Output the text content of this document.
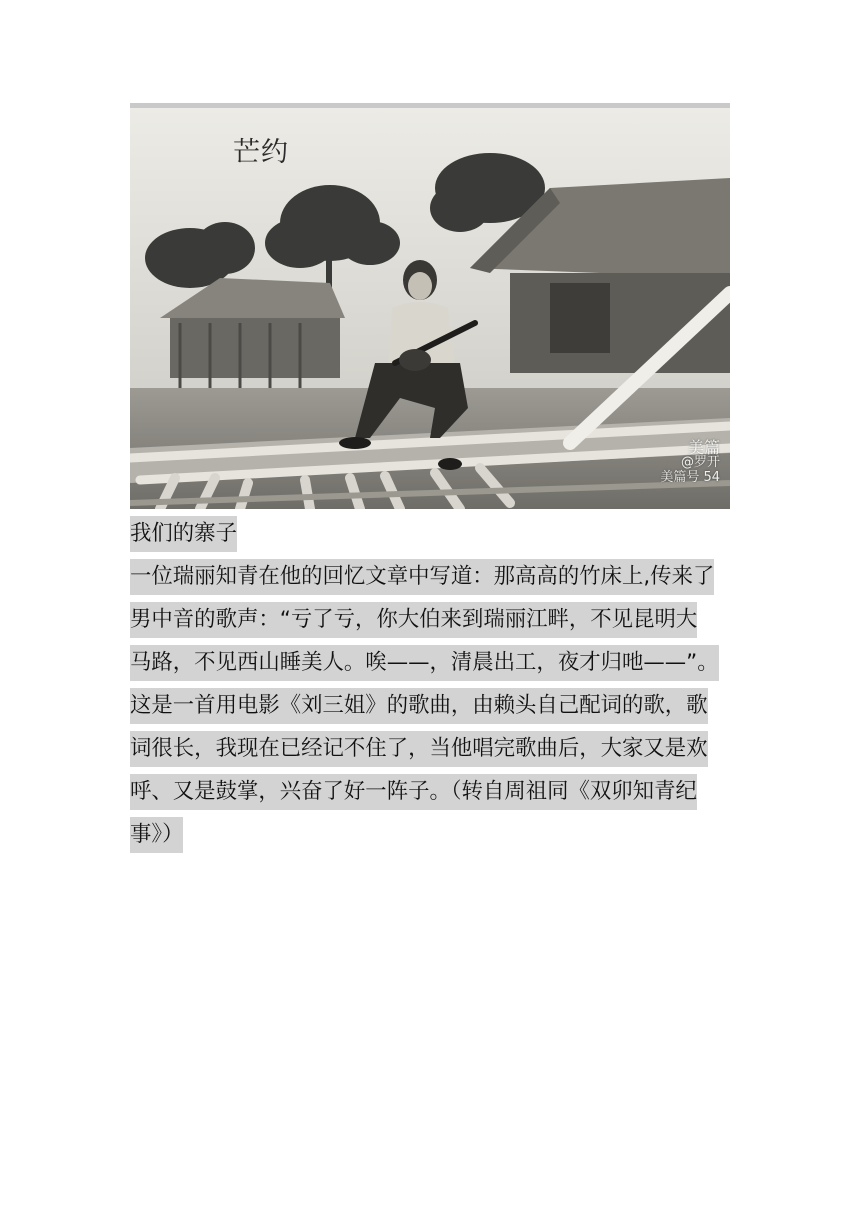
芒约
美篇
@罗开
美篇号 54
我们的寨子
一位瑞丽知青在他的回忆文章中写道：那高高的竹床上,传来了
男中音的歌声：“亏了亏，你大伯来到瑞丽江畔，不见昆明大
马路，不见西山睡美人。唉——，清晨出工，夜才归吔——”。
这是一首用电影《刘三姐》的歌曲，由赖头自己配词的歌，歌
词很长，我现在已经记不住了，当他唱完歌曲后，大家又是欢
呼、又是鼓掌，兴奋了好一阵子。（转自周祖同《双卯知青纪
事》）
